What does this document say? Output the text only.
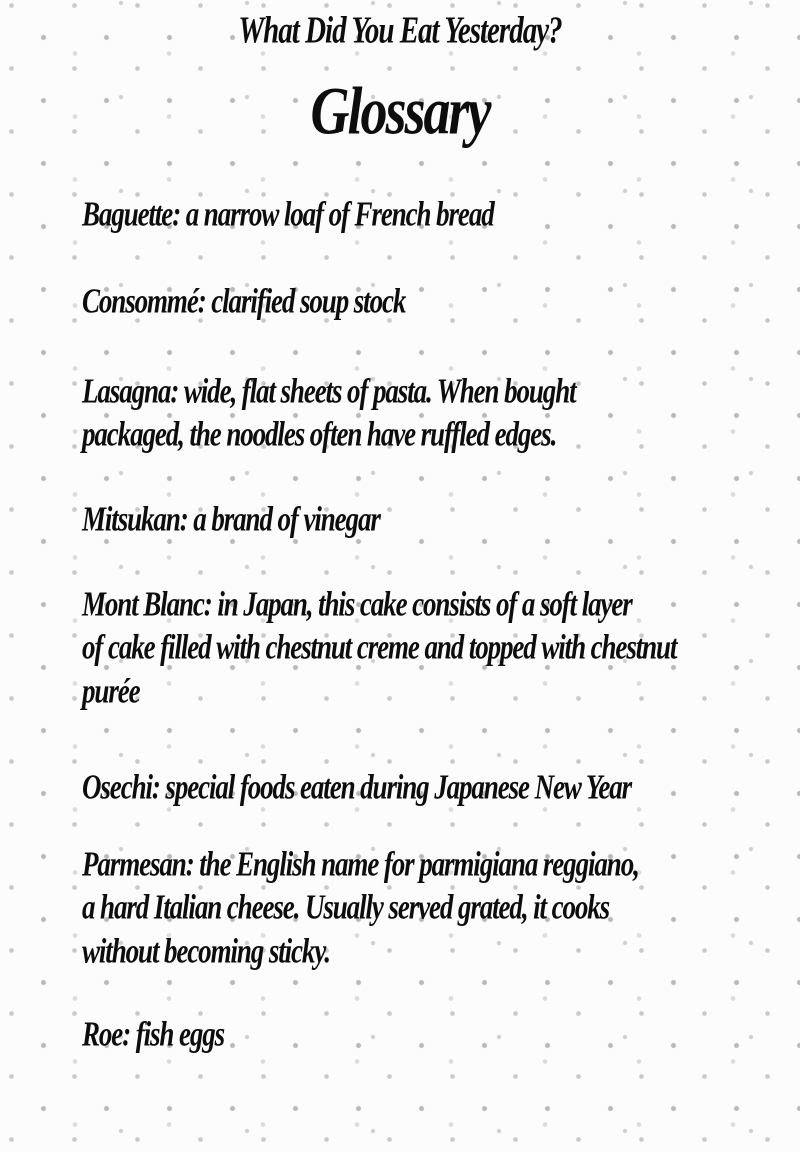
What Did You Eat Yesterday?
Glossary
Baguette: a narrow loaf of French bread
Consommé: clarified soup stock
Lasagna: wide, flat sheets of pasta. When bought
packaged, the noodles often have ruffled edges.
Mitsukan: a brand of vinegar
Mont Blanc: in Japan, this cake consists of a soft layer
of cake filled with chestnut creme and topped with chestnut
purée
Osechi: special foods eaten during Japanese New Year
Parmesan: the English name for parmigiana reggiano,
a hard Italian cheese. Usually served grated, it cooks
without becoming sticky.
Roe: fish eggs
